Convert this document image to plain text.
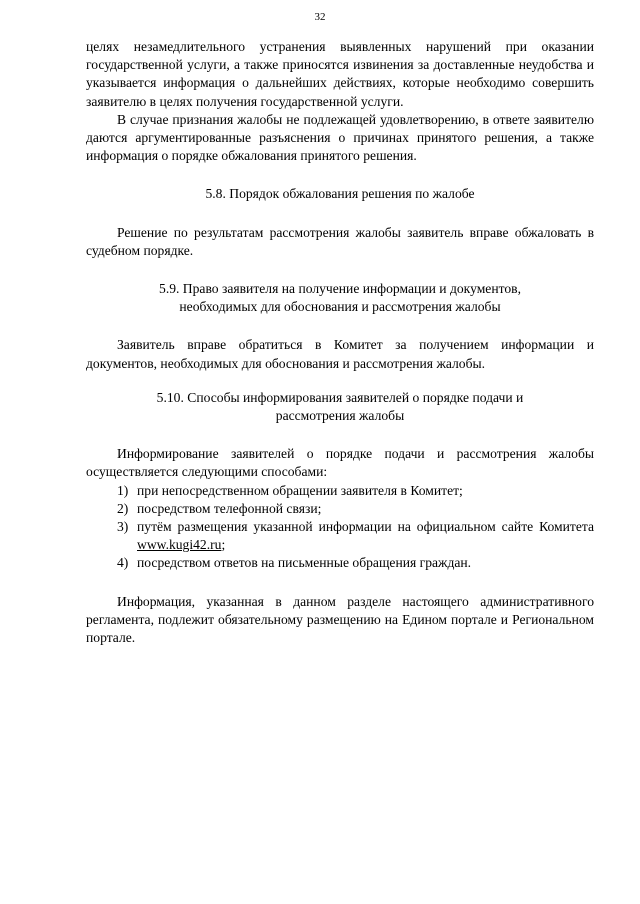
32

целях незамедлительного устранения выявленных нарушений при оказании государственной услуги, а также приносятся извинения за доставленные неудобства и указывается информация о дальнейших действиях, которые необходимо совершить заявителю в целях получения государственной услуги.

В случае признания жалобы не подлежащей удовлетворению, в ответе заявителю даются аргументированные разъяснения о причинах принятого решения, а также информация о порядке обжалования принятого решения.

5.8. Порядок обжалования решения по жалобе

Решение по результатам рассмотрения жалобы заявитель вправе обжаловать в судебном порядке.

5.9. Право заявителя на получение информации и документов,
необходимых для обоснования и рассмотрения жалобы

Заявитель вправе обратиться в Комитет за получением информации и документов, необходимых для обоснования и рассмотрения жалобы.

5.10. Способы информирования заявителей о порядке подачи и
рассмотрения жалобы

Информирование заявителей о порядке подачи и рассмотрения жалобы осуществляется следующими способами:

1) при непосредственном обращении заявителя в Комитет;
2) посредством телефонной связи;
3) путём размещения указанной информации на официальном сайте Комитета www.kugi42.ru;
4) посредством ответов на письменные обращения граждан.

Информация, указанная в данном разделе настоящего административного регламента, подлежит обязательному размещению на Едином портале и Региональном портале.
